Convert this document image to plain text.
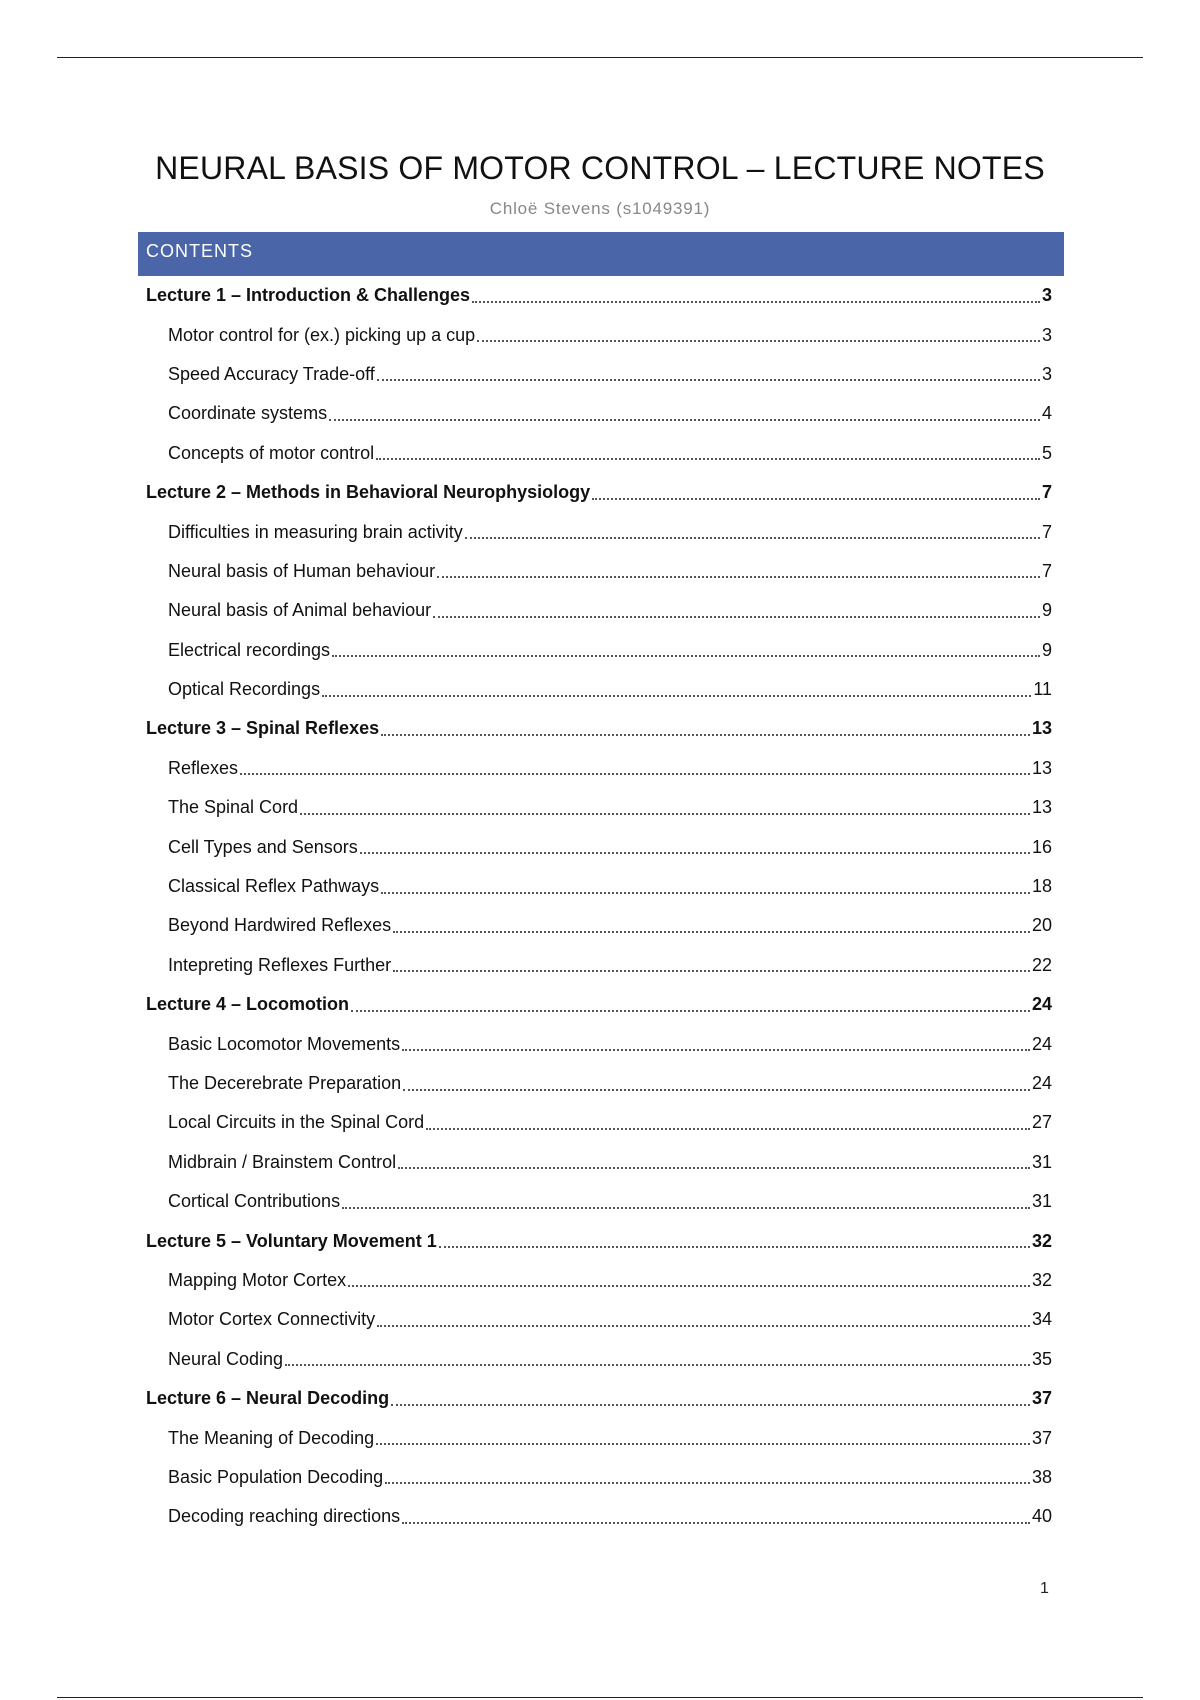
NEURAL BASIS OF MOTOR CONTROL – LECTURE NOTES
Chloë Stevens (s1049391)
CONTENTS
Lecture 1 – Introduction & Challenges	3
Motor control for (ex.) picking up a cup	3
Speed Accuracy Trade-off	3
Coordinate systems	4
Concepts of motor control	5
Lecture 2 – Methods in Behavioral Neurophysiology	7
Difficulties in measuring brain activity	7
Neural basis of Human behaviour	7
Neural basis of Animal behaviour	9
Electrical recordings	9
Optical Recordings	11
Lecture 3 – Spinal Reflexes	13
Reflexes	13
The Spinal Cord	13
Cell Types and Sensors	16
Classical Reflex Pathways	18
Beyond Hardwired Reflexes	20
Intepreting Reflexes Further	22
Lecture 4 – Locomotion	24
Basic Locomotor Movements	24
The Decerebrate Preparation	24
Local Circuits in the Spinal Cord	27
Midbrain / Brainstem Control	31
Cortical Contributions	31
Lecture 5 – Voluntary Movement 1	32
Mapping Motor Cortex	32
Motor Cortex Connectivity	34
Neural Coding	35
Lecture 6 – Neural Decoding	37
The Meaning of Decoding	37
Basic Population Decoding	38
Decoding reaching directions	40
1
